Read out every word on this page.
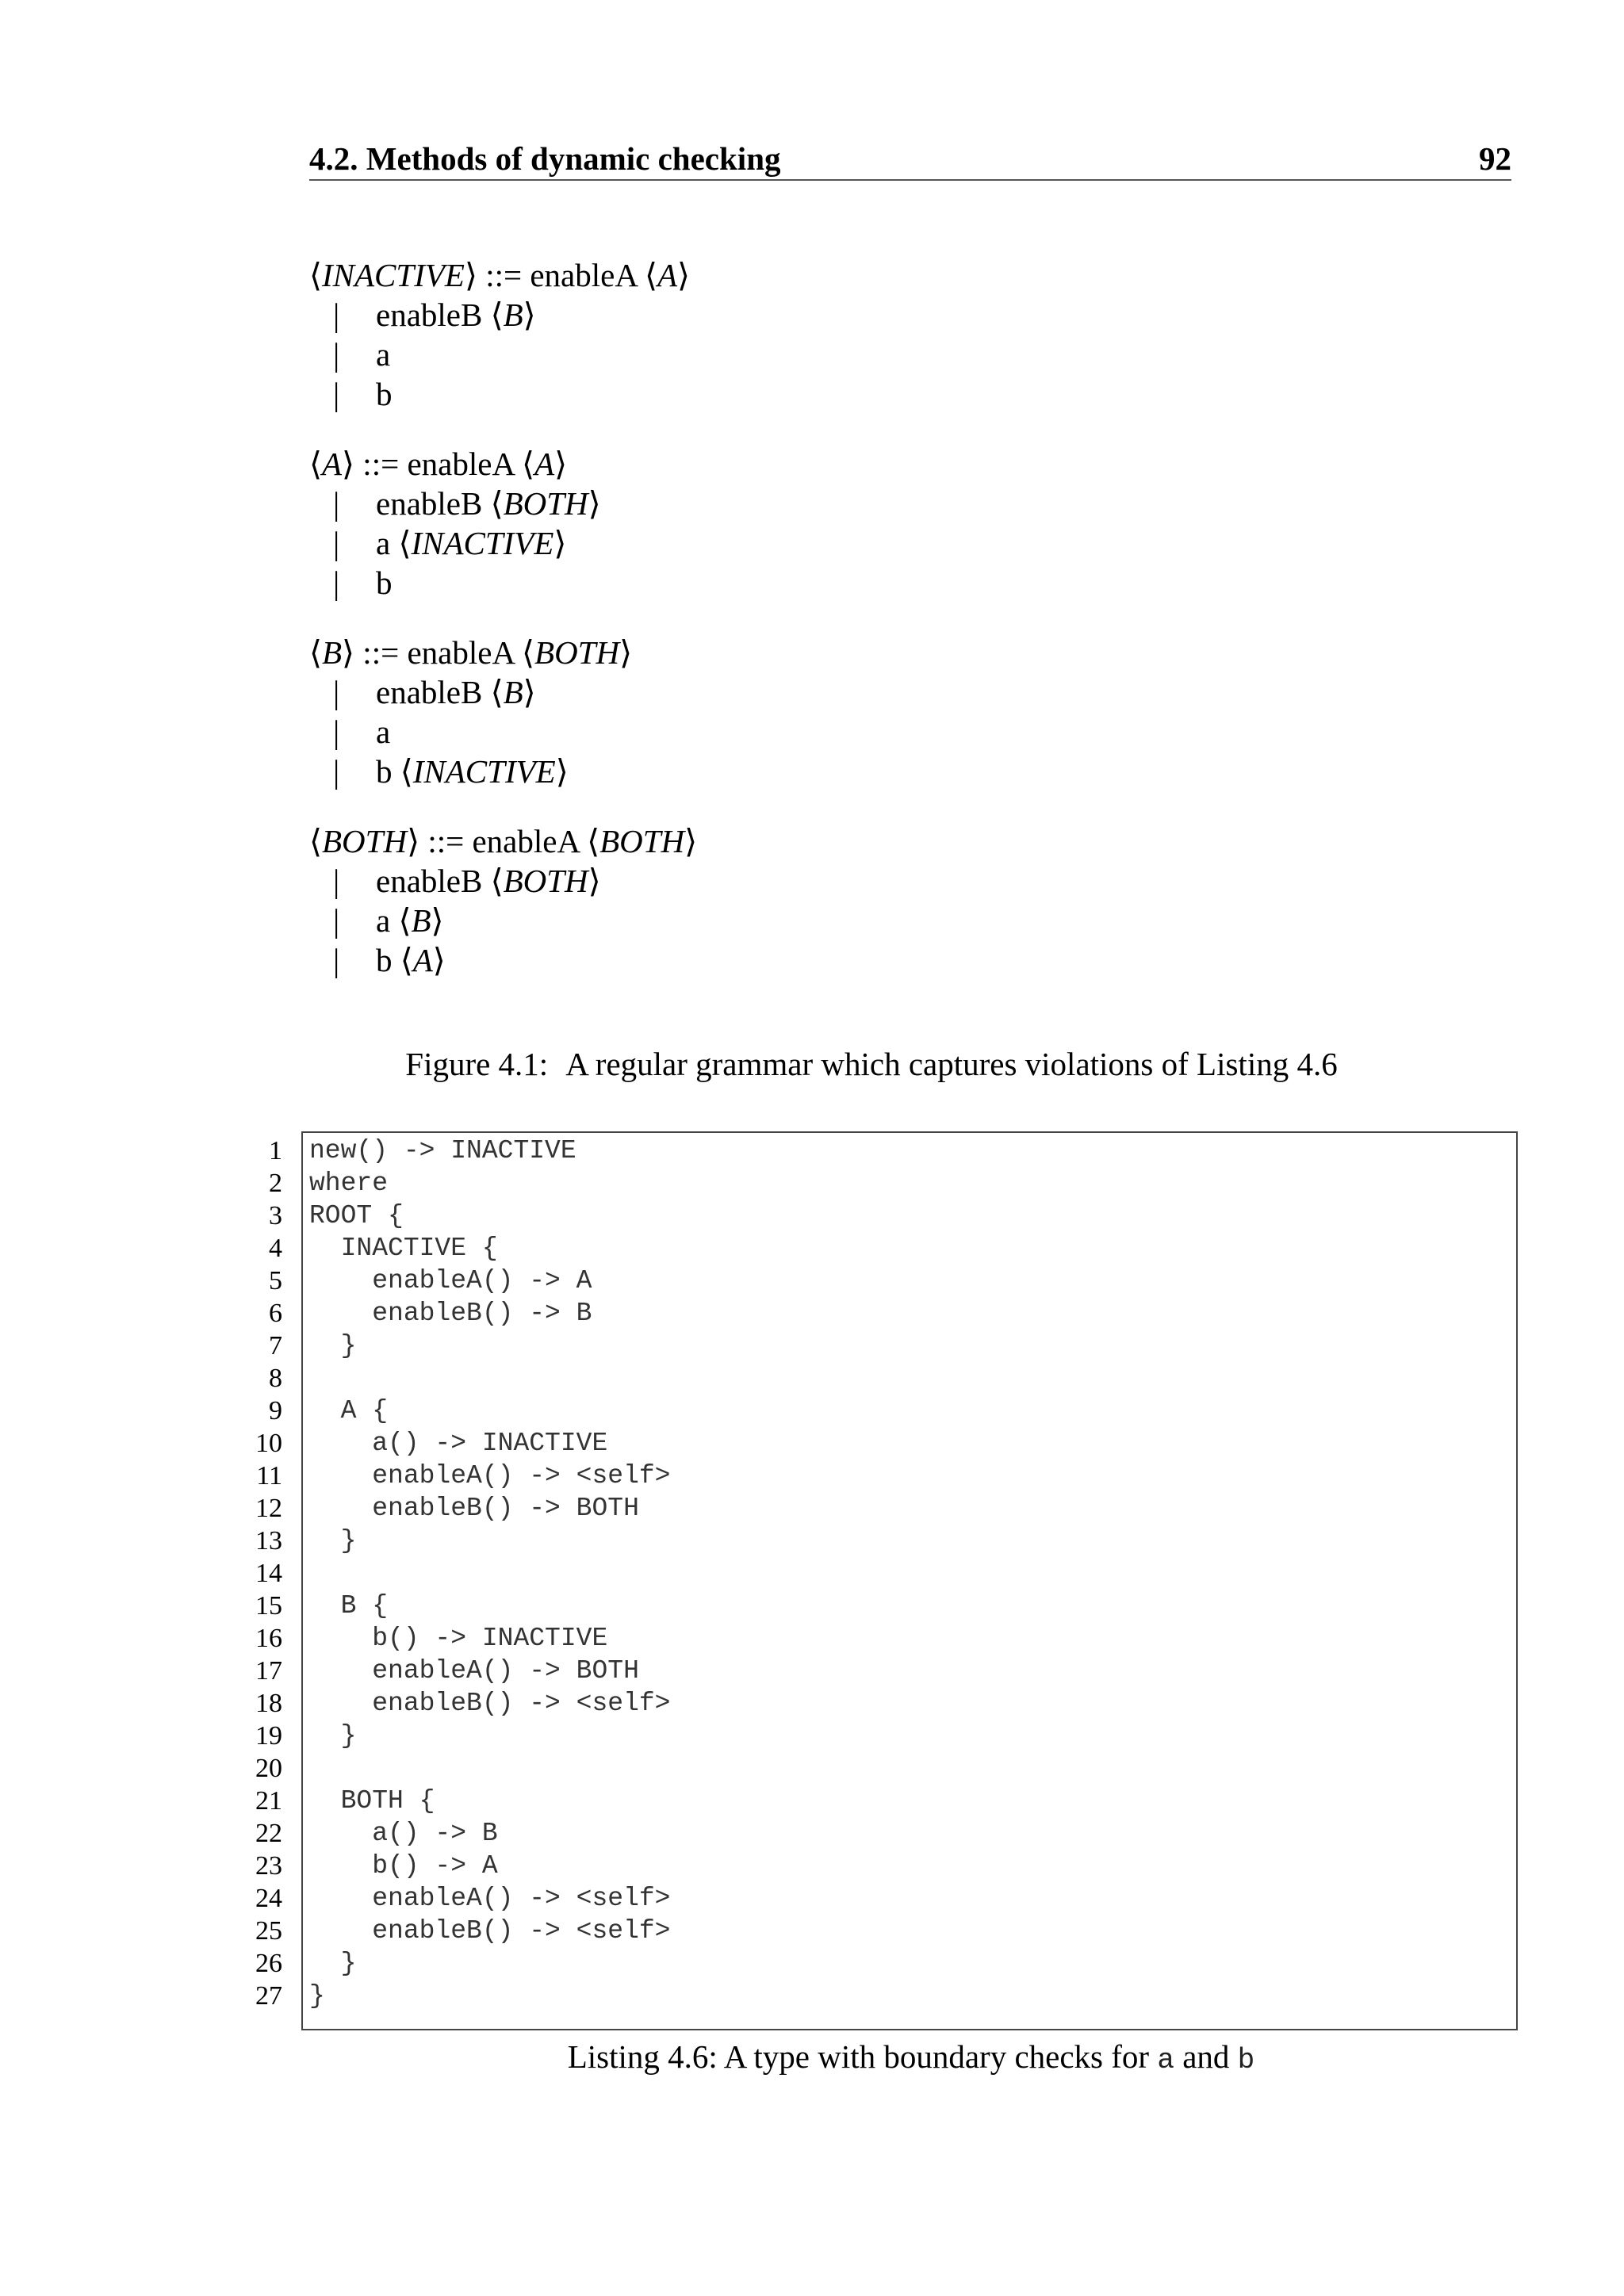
4.2. Methods of dynamic checking	92
⟨INACTIVE⟩ ::= enableA ⟨A⟩
| enableB ⟨B⟩
| a
| b
⟨A⟩ ::= enableA ⟨A⟩
| enableB ⟨BOTH⟩
| a ⟨INACTIVE⟩
| b
⟨B⟩ ::= enableA ⟨BOTH⟩
| enableB ⟨B⟩
| a
| b ⟨INACTIVE⟩
⟨BOTH⟩ ::= enableA ⟨BOTH⟩
| enableB ⟨BOTH⟩
| a ⟨B⟩
| b ⟨A⟩
Figure 4.1: A regular grammar which captures violations of Listing 4.6
1
2
3
4
5
6
7
8
9
10
11
12
13
14
15
16
17
18
19
20
21
22
23
24
25
26
27
new() -> INACTIVE
where
ROOT {
INACTIVE {
enableA() -> A
enableB() -> B
}
A {
a() -> INACTIVE
enableA() -> <self>
enableB() -> BOTH
}
B {
b() -> INACTIVE
enableA() -> BOTH
enableB() -> <self>
}
BOTH {
a() -> B
b() -> A
enableA() -> <self>
enableB() -> <self>
}
}
Listing 4.6: A type with boundary checks for a and b
